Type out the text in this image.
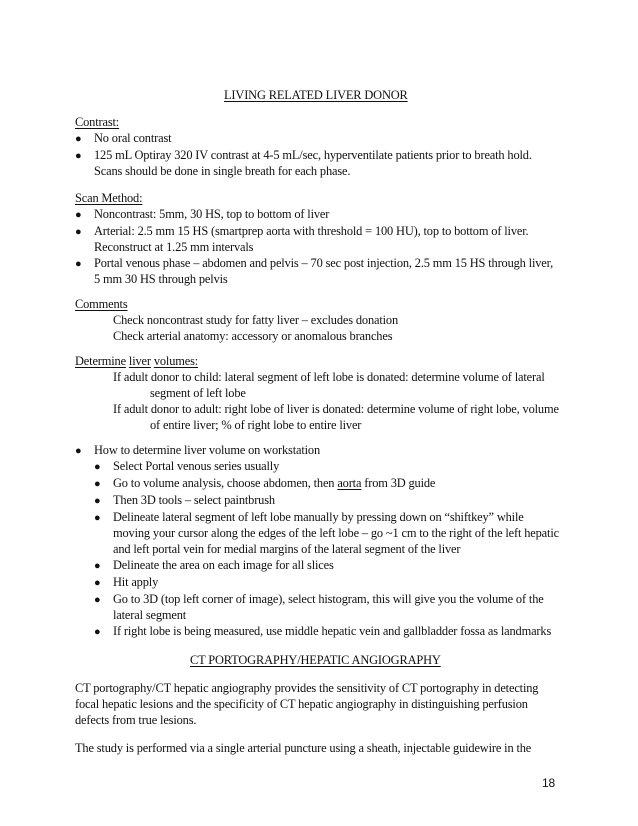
LIVING RELATED LIVER DONOR
Contrast:
● No oral contrast
● 125 mL Optiray 320 IV contrast at 4-5 mL/sec, hyperventilate patients prior to breath hold.
Scans should be done in single breath for each phase.
Scan Method:
● Noncontrast: 5mm, 30 HS, top to bottom of liver
● Arterial: 2.5 mm 15 HS (smartprep aorta with threshold = 100 HU), top to bottom of liver.
Reconstruct at 1.25 mm intervals
● Portal venous phase – abdomen and pelvis – 70 sec post injection, 2.5 mm 15 HS through liver,
5 mm 30 HS through pelvis
Comments
Check noncontrast study for fatty liver – excludes donation
Check arterial anatomy: accessory or anomalous branches
Determine liver volumes:
If adult donor to child: lateral segment of left lobe is donated: determine volume of lateral
segment of left lobe
If adult donor to adult: right lobe of liver is donated: determine volume of right lobe, volume
of entire liver; % of right lobe to entire liver
● How to determine liver volume on workstation
● Select Portal venous series usually
● Go to volume analysis, choose abdomen, then aorta from 3D guide
● Then 3D tools – select paintbrush
● Delineate lateral segment of left lobe manually by pressing down on “shiftkey” while
moving your cursor along the edges of the left lobe – go ~1 cm to the right of the left hepatic
and left portal vein for medial margins of the lateral segment of the liver
● Delineate the area on each image for all slices
● Hit apply
● Go to 3D (top left corner of image), select histogram, this will give you the volume of the
lateral segment
● If right lobe is being measured, use middle hepatic vein and gallbladder fossa as landmarks
CT PORTOGRAPHY/HEPATIC ANGIOGRAPHY
CT portography/CT hepatic angiography provides the sensitivity of CT portography in detecting
focal hepatic lesions and the specificity of CT hepatic angiography in distinguishing perfusion
defects from true lesions.
The study is performed via a single arterial puncture using a sheath, injectable guidewire in the
18
